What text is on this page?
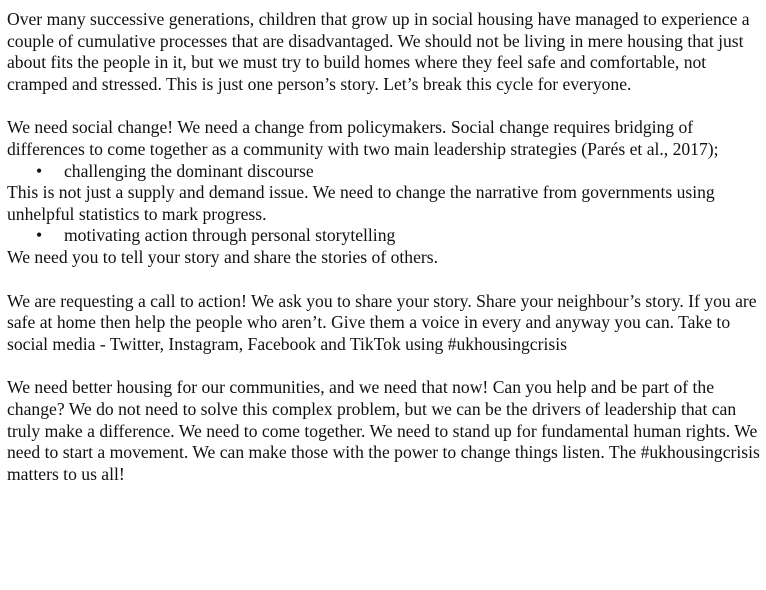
Over many successive generations, children that grow up in social housing have managed to experience a couple of cumulative processes that are disadvantaged. We should not be living in mere housing that just about fits the people in it, but we must try to build homes where they feel safe and comfortable, not cramped and stressed. This is just one person’s story. Let’s break this cycle for everyone.

We need social change! We need a change from policymakers. Social change requires bridging of differences to come together as a community with two main leadership strategies (Parés et al., 2017);

• challenging the dominant discourse

This is not just a supply and demand issue. We need to change the narrative from governments using unhelpful statistics to mark progress.

• motivating action through personal storytelling

We need you to tell your story and share the stories of others.

We are requesting a call to action! We ask you to share your story. Share your neighbour’s story. If you are safe at home then help the people who aren’t. Give them a voice in every and anyway you can. Take to social media - Twitter, Instagram, Facebook and TikTok using #ukhousingcrisis

We need better housing for our communities, and we need that now! Can you help and be part of the change? We do not need to solve this complex problem, but we can be the drivers of leadership that can truly make a difference. We need to come together. We need to stand up for fundamental human rights. We need to start a movement. We can make those with the power to change things listen. The #ukhousingcrisis matters to us all!
